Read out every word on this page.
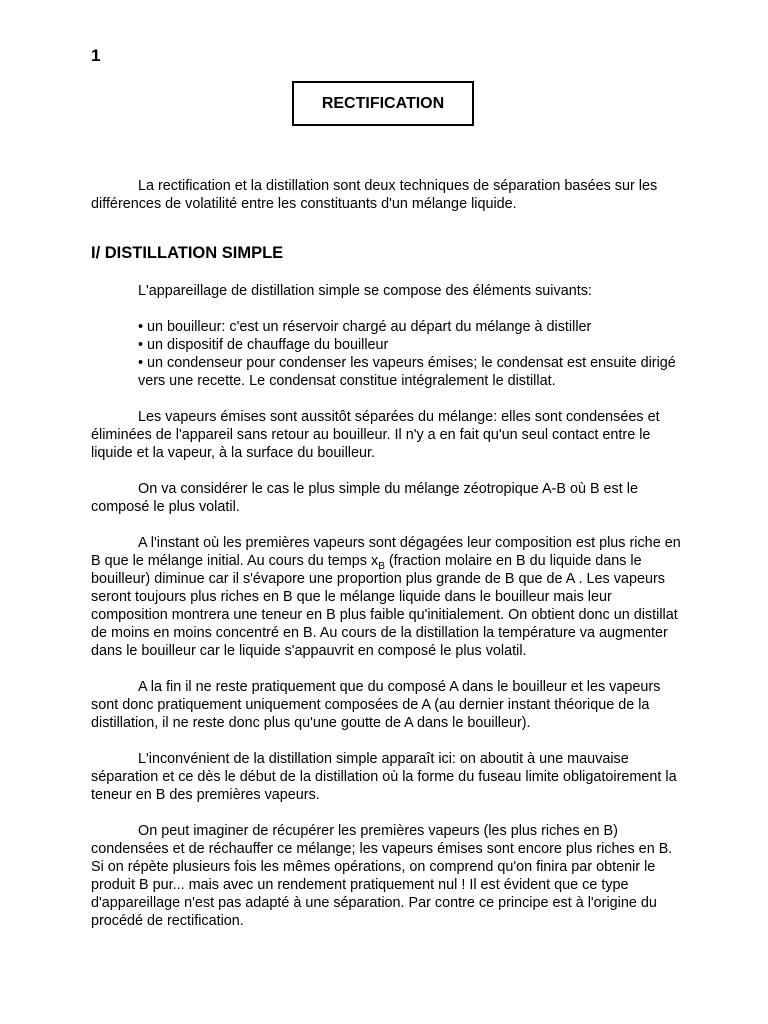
1
RECTIFICATION

La rectification et la distillation sont deux techniques de séparation basées sur les différences de volatilité entre les constituants d'un mélange liquide.

I/ DISTILLATION SIMPLE

L'appareillage de distillation simple se compose des éléments suivants:

• un bouilleur: c'est un réservoir chargé au départ du mélange à distiller
• un dispositif de chauffage du bouilleur
• un condenseur pour condenser les vapeurs émises; le condensat est ensuite dirigé vers une recette. Le condensat constitue intégralement le distillat.

Les vapeurs émises sont aussitôt séparées du mélange: elles sont condensées et éliminées de l'appareil sans retour au bouilleur. Il n'y a en fait qu'un seul contact entre le liquide et la vapeur, à la surface du bouilleur.

On va considérer le cas le plus simple du mélange zéotropique A-B où B est le composé le plus volatil.

A l'instant où les premières vapeurs sont dégagées leur composition est plus riche en B que le mélange initial. Au cours du temps $x_B$ (fraction molaire en B du liquide dans le bouilleur) diminue car il s'évapore une proportion plus grande de B que de A . Les vapeurs seront toujours plus riches en B que le mélange liquide dans le bouilleur mais leur composition montrera une teneur en B plus faible qu'initialement. On obtient donc un distillat de moins en moins concentré en B. Au cours de la distillation la température va augmenter dans le bouilleur car le liquide s'appauvrit en composé le plus volatil.

A la fin il ne reste pratiquement que du composé A dans le bouilleur et les vapeurs sont donc pratiquement uniquement composées de A (au dernier instant théorique de la distillation, il ne reste donc plus qu'une goutte de A dans le bouilleur).

L'inconvénient de la distillation simple apparaît ici: on aboutit à une mauvaise séparation et ce dès le début de la distillation où la forme du fuseau limite obligatoirement la teneur en B des premières vapeurs.

On peut imaginer de récupérer les premières vapeurs (les plus riches en B) condensées et de réchauffer ce mélange; les vapeurs émises sont encore plus riches en B. Si on répète plusieurs fois les mêmes opérations, on comprend qu'on finira par obtenir le produit B pur... mais avec un rendement pratiquement nul ! Il est évident que ce type d'appareillage n'est pas adapté à une séparation. Par contre ce principe est à l'origine du procédé de rectification.
